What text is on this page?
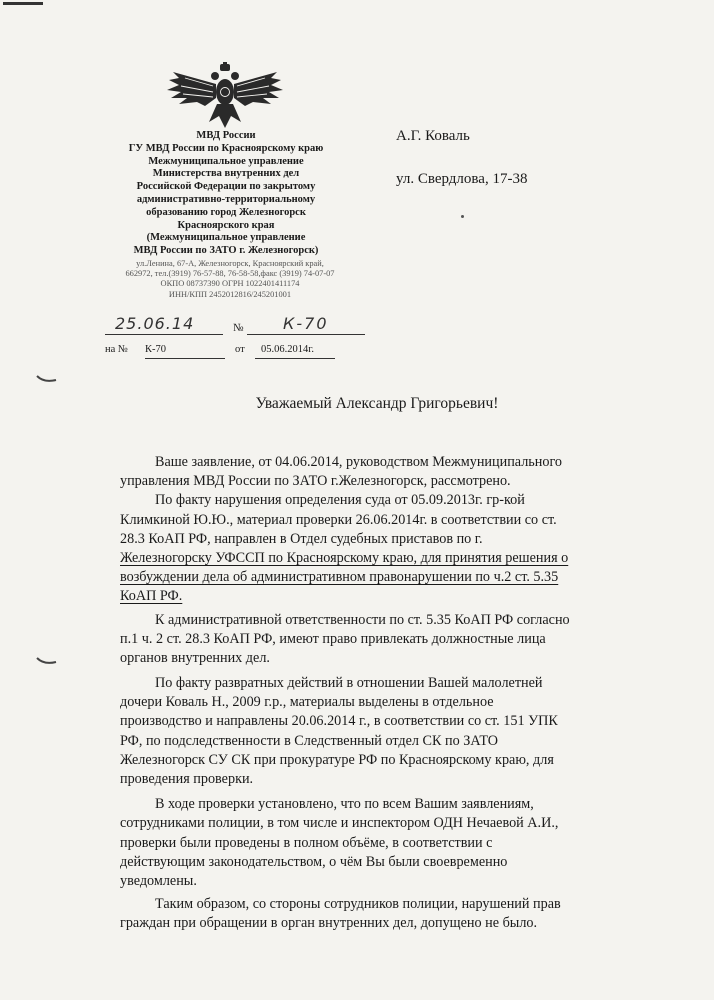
МВД России
ГУ МВД России по Красноярскому краю
Межмуниципальное управление
Министерства внутренних дел
Российской Федерации по закрытому
административно-территориальному
образованию город Железногорск
Красноярского края
(Межмуниципальное управление
МВД России по ЗАТО г. Железногорск)
ул.Ленина, 67-А, Железногорск, Красноярский край,
662972, тел.(3919) 76-57-88, 76-58-58,факс (3919) 74-07-07
ОКПО 08737390 ОГРН 1022401411174
ИНН/КПП 2452012816/245201001
А.Г. Коваль
ул. Свердлова, 17-38
25.06.14	№ К-70
на № К-70	от 05.06.2014г.
Уважаемый Александр Григорьевич!
Ваше заявление, от 04.06.2014, руководством Межмуниципального
управления МВД России по ЗАТО г.Железногорск, рассмотрено.
По факту нарушения определения суда от 05.09.2013г. гр-кой
Климкиной Ю.Ю., материал проверки 26.06.2014г. в соответствии со ст.
28.3 КоАП РФ, направлен в Отдел судебных приставов по г.
Железногорску УФССП по Красноярскому краю, для принятия решения о
возбуждении дела об административном правонарушении по ч.2 ст. 5.35
КоАП РФ.
К административной ответственности по ст. 5.35 КоАП РФ согласно
п.1 ч. 2 ст. 28.3 КоАП РФ, имеют право привлекать должностные лица
органов внутренних дел.
По факту развратных действий в отношении Вашей малолетней
дочери Коваль Н., 2009 г.р., материалы выделены в отдельное
производство и направлены 20.06.2014 г., в соответствии со ст. 151 УПК
РФ, по подследственности в Следственный отдел СК по ЗАТО
Железногорск СУ СК при прокуратуре РФ по Красноярскому краю, для
проведения проверки.
В ходе проверки установлено, что по всем Вашим заявлениям,
сотрудниками полиции, в том числе и инспектором ОДН Нечаевой А.И.,
проверки были проведены в полном объёме, в соответствии с
действующим законодательством, о чём Вы были своевременно
уведомлены.
Таким образом, со стороны сотрудников полиции, нарушений прав
граждан при обращении в орган внутренних дел, допущено не было.
